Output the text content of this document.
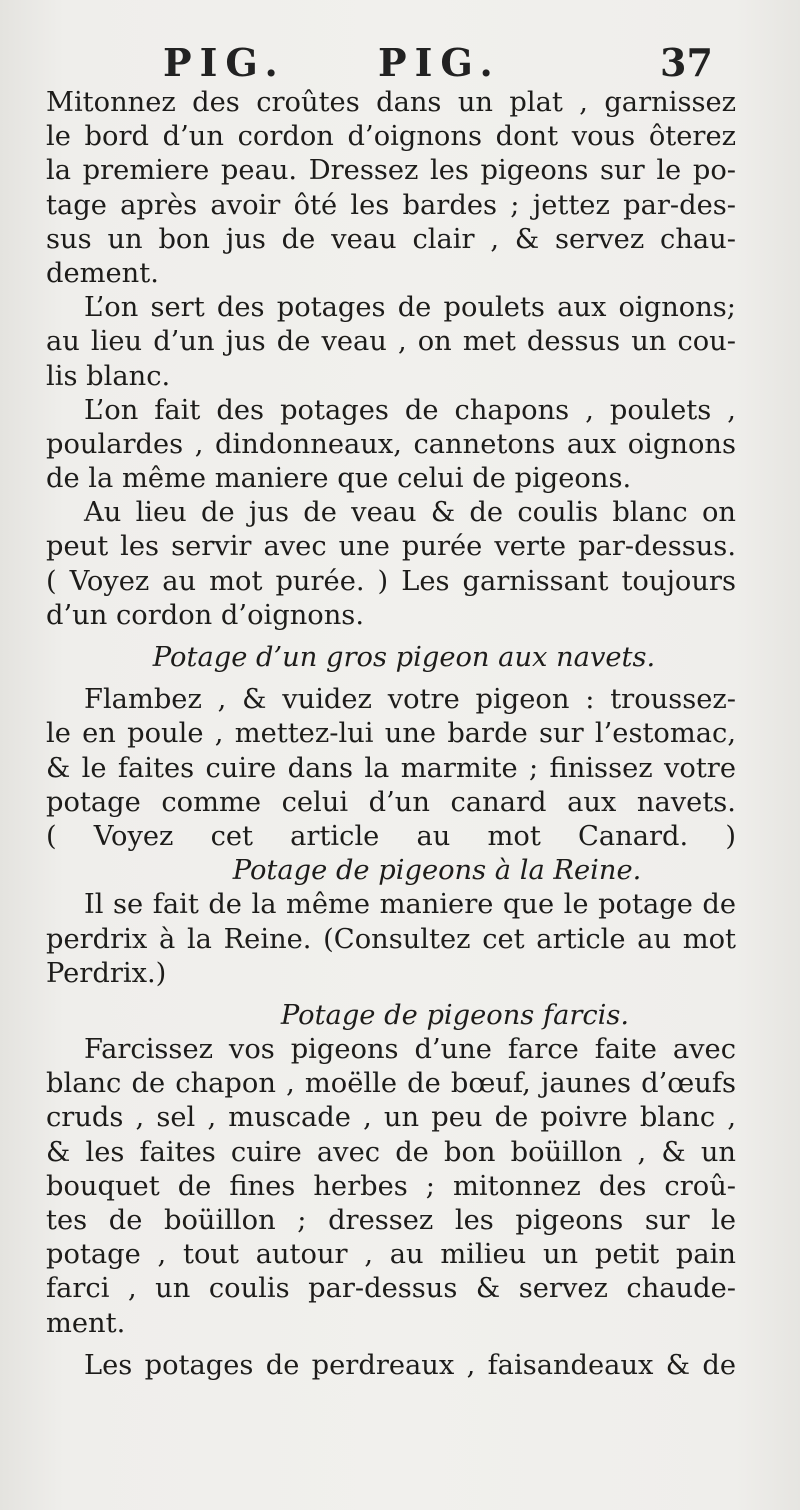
PIG. PIG.	37
Mitonnez des croûtes dans un plat , garnissez
le bord d’un cordon d’oignons dont vous ôterez
la premiere peau. Dressez les pigeons sur le po-
tage après avoir ôté les bardes ; jettez par-des-
sus un bon jus de veau clair , & servez chau-
dement.
L’on sert des potages de poulets aux oignons;
au lieu d’un jus de veau , on met dessus un cou-
lis blanc.
L’on fait des potages de chapons , poulets ,
poulardes , dindonneaux, cannetons aux oignons
de la même maniere que celui de pigeons.
Au lieu de jus de veau & de coulis blanc on
peut les servir avec une purée verte par-dessus.
( Voyez au mot purée. ) Les garnissant toujours
d’un cordon d’oignons.
Potage d’un gros pigeon aux navets.
Flambez , & vuidez votre pigeon : troussez-
le en poule , mettez-lui une barde sur l’estomac,
& le faites cuire dans la marmite ; finissez votre
potage comme celui d’un canard aux navets.
( Voyez cet article au mot Canard. )
Potage de pigeons à la Reine.
Il se fait de la même maniere que le potage de
perdrix à la Reine. (Consultez cet article au mot
Perdrix.)
Potage de pigeons farcis.
Farcissez vos pigeons d’une farce faite avec
blanc de chapon , moëlle de bœuf, jaunes d’œufs
cruds , sel , muscade , un peu de poivre blanc ,
& les faites cuire avec de bon boüillon , & un
bouquet de fines herbes ; mitonnez des croû-
tes de boüillon ; dressez les pigeons sur le
potage , tout autour , au milieu un petit pain
farci , un coulis par-dessus & servez chaude-
ment.
Les potages de perdreaux , faisandeaux & de
